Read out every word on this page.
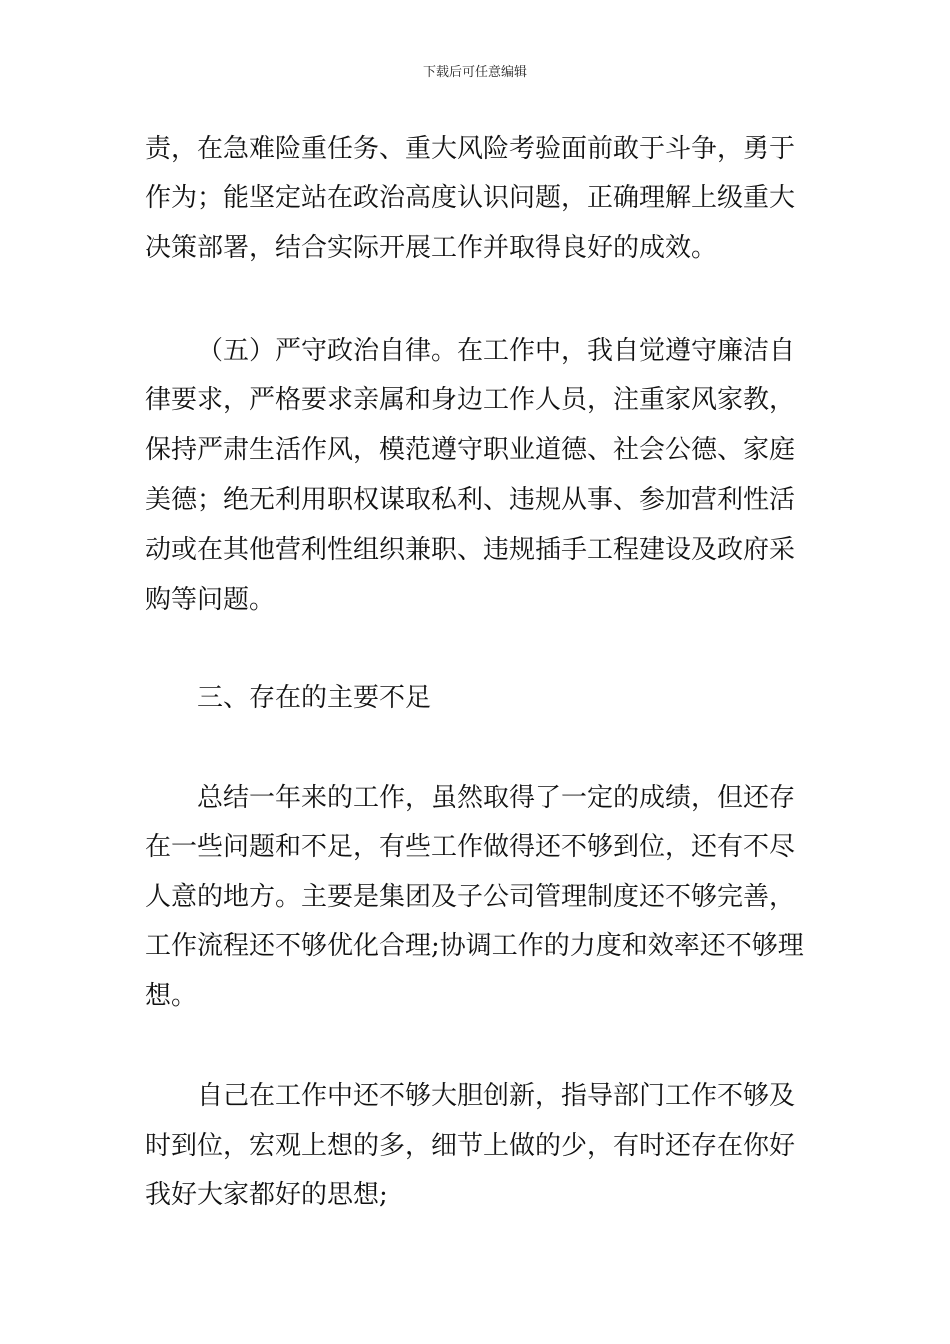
下载后可任意编辑
责，在急难险重任务、重大风险考验面前敢于斗争，勇于
作为；能坚定站在政治高度认识问题，正确理解上级重大
决策部署，结合实际开展工作并取得良好的成效。
（五）严守政治自律。在工作中，我自觉遵守廉洁自
律要求，严格要求亲属和身边工作人员，注重家风家教，
保持严肃生活作风，模范遵守职业道德、社会公德、家庭
美德；绝无利用职权谋取私利、违规从事、参加营利性活
动或在其他营利性组织兼职、违规插手工程建设及政府采
购等问题。
三、存在的主要不足
总结一年来的工作，虽然取得了一定的成绩，但还存
在一些问题和不足，有些工作做得还不够到位，还有不尽
人意的地方。主要是集团及子公司管理制度还不够完善，
工作流程还不够优化合理;协调工作的力度和效率还不够理
想。
自己在工作中还不够大胆创新，指导部门工作不够及
时到位，宏观上想的多，细节上做的少，有时还存在你好
我好大家都好的思想;
